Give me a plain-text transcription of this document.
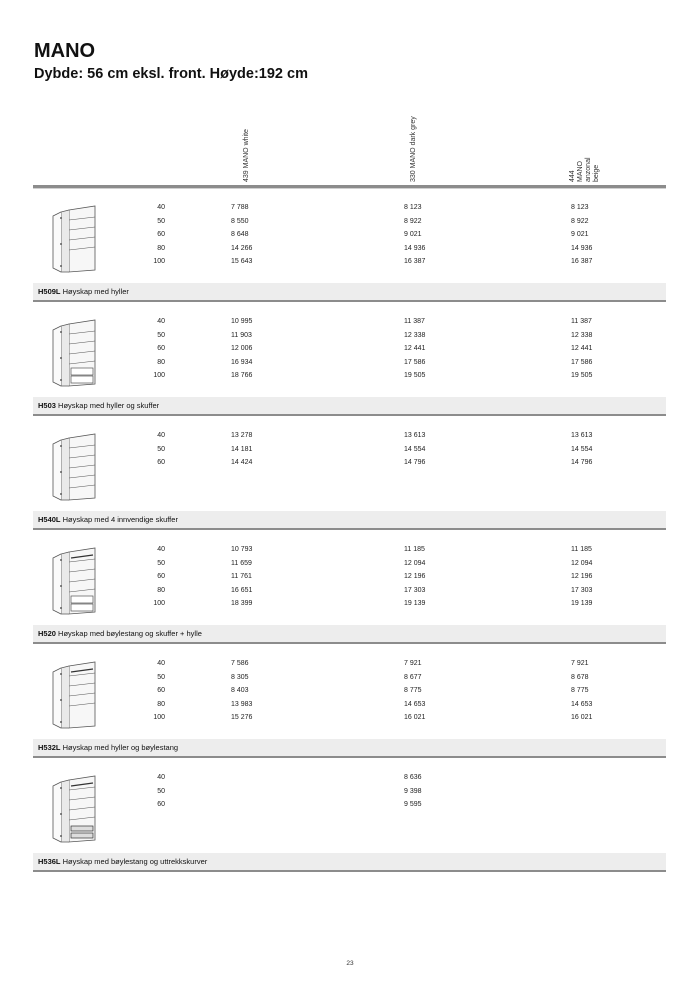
MANO
Dybde: 56 cm eksl. front. Høyde:192 cm
439 MANO white	330 MANO dark grey	444 MANO
anzonal beige
40	7 788	8 123	8 123
50	8 550	8 922	8 922
60	8 648	9 021	9 021
80	14 266	14 936	14 936
100	15 643	16 387	16 387
H509L Høyskap med hyller
40	10 995	11 387	11 387
50	11 903	12 338	12 338
60	12 006	12 441	12 441
80	16 934	17 586	17 586
100	18 766	19 505	19 505
H503 Høyskap med hyller og skuffer
40	13 278	13 613	13 613
50	14 181	14 554	14 554
60	14 424	14 796	14 796
H540L Høyskap med 4 innvendige skuffer
40	10 793	11 185	11 185
50	11 659	12 094	12 094
60	11 761	12 196	12 196
80	16 651	17 303	17 303
100	18 399	19 139	19 139
H520 Høyskap med bøylestang og skuffer + hylle
40	7 586	7 921	7 921
50	8 305	8 677	8 678
60	8 403	8 775	8 775
80	13 983	14 653	14 653
100	15 276	16 021	16 021
H532L Høyskap med hyller og bøylestang
40	8 636
50	9 398
60	9 595
H536L Høyskap med bøylestang og uttrekkskurver
23
